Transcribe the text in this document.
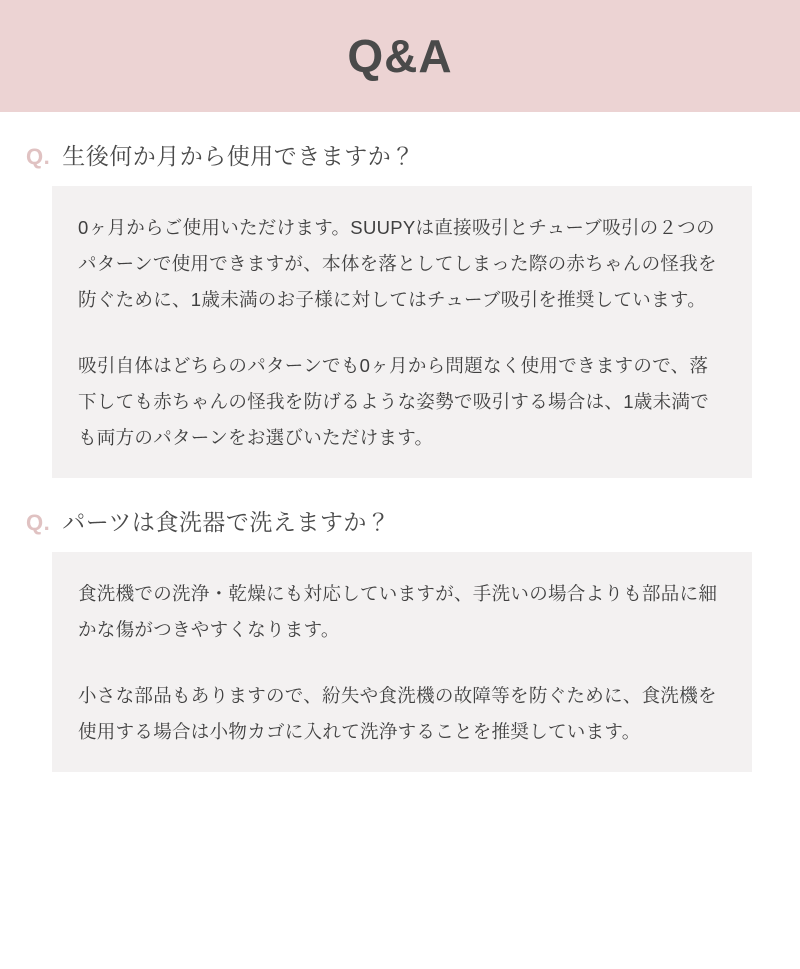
Q&A
Q. 生後何か月から使用できますか？

0ヶ月からご使用いただけます。SUUPYは直接吸引とチューブ吸引の２つのパターンで使用できますが、本体を落としてしまった際の赤ちゃんの怪我を防ぐために、1歳未満のお子様に対してはチューブ吸引を推奨しています。

吸引自体はどちらのパターンでも0ヶ月から問題なく使用できますので、落下しても赤ちゃんの怪我を防げるような姿勢で吸引する場合は、1歳未満でも両方のパターンをお選びいただけます。

Q. パーツは食洗器で洗えますか？

食洗機での洗浄・乾燥にも対応していますが、手洗いの場合よりも部品に細かな傷がつきやすくなります。

小さな部品もありますので、紛失や食洗機の故障等を防ぐために、食洗機を使用する場合は小物カゴに入れて洗浄することを推奨しています。
